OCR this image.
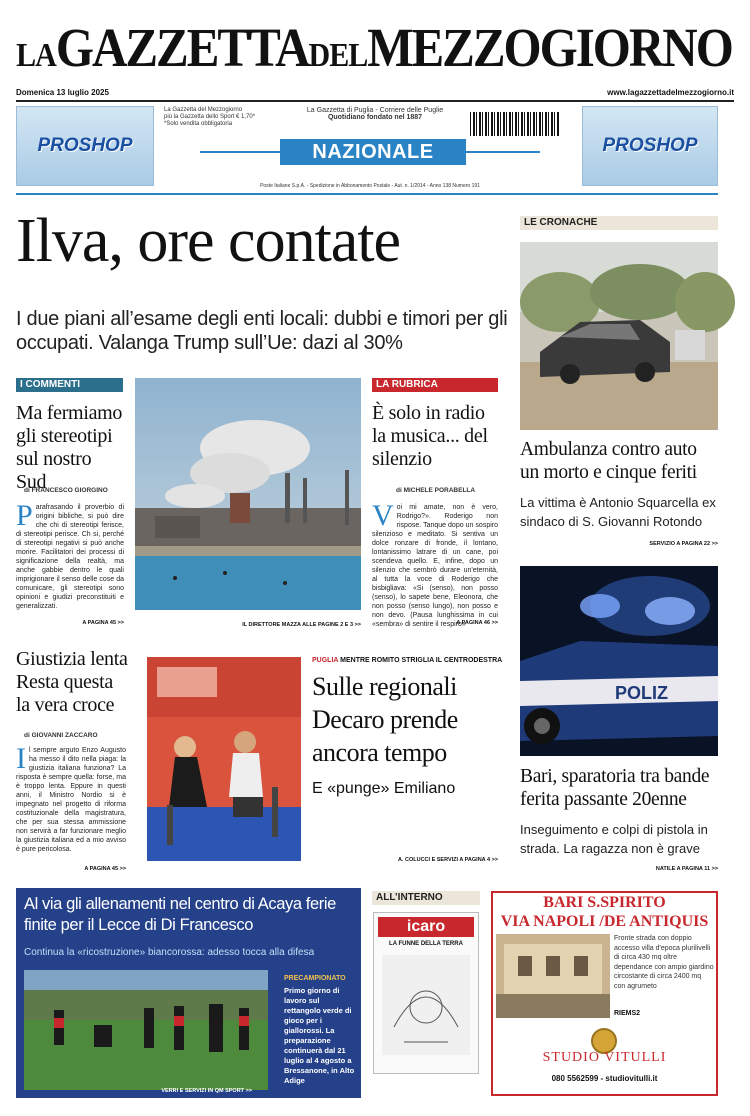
LAGAZZETTADELMEZZOGIORNO
Domenica 13 luglio 2025	www.lagazzettadelmezzogiorno.it
PROSHOP	PROSHOP
La Gazzetta del Mezzogiorno
più la Gazzetta dello Sport € 1,70*
*Solo vendita obbligatoria
La Gazzetta di Puglia - Corriere delle Puglie
Quotidiano fondato nel 1887
NAZIONALE
Poste Italiane S.p.A. - Spedizione in Abbonamento Postale - Aut. n. 1/2014 - Anno 138 Numero 191
Ilva, ore contate
I due piani all’esame degli enti locali: dubbi e timori per gli occupati. Valanga Trump sull’Ue: dazi al 30%
I COMMENTI
Ma fermiamo gli stereotipi sul nostro Sud
di FRANCESCO GIORGINO
Parafrasando il proverbio di origini bibliche, si può dire che chi di stereotipi ferisce, di stereotipi perisce. Ch si, perché di stereotipi negativi si può anche morire. Facilitatori dei processi di significazione della realtà, ma anche gabbie dentro le quali imprigionare il senso delle cose da comunicare, gli stereotipi sono opinioni e giudizi preconstituiti e generalizzati.
A PAGINA 45 >>	IL DIRETTORE MAZZA ALLE PAGINE 2 E 3 >>
LA RUBRICA
È solo in radio la musica... del silenzio
di MICHELE PORABELLA
Voi mi amate, non è vero, Rodrigo?». Roderigo non rispose. Tanque dopo un sospiro silenzioso e meditato. Si sentiva un dolce ronzare di fronde, il lontano, lontanissimo latrare di un cane, poi scendeva quello. E, infine, dopo un silenzio che sembrò durare un'eternità, al tutta la voce di Roderigo che bisbigliava: «Si (senso), non posso (senso), lo sapete bene, Eleonora, che non posso (senso lungo), non posso e non devo. (Pausa lunghissima in cui «sembra» di sentire il respiro»
A PAGINA 46 >>
LE CRONACHE
Ambulanza contro auto un morto e cinque feriti
La vittima è Antonio Squarcella ex sindaco di S. Giovanni Rotondo
SERVIZIO A PAGINA 22 >>
POLIZ
Bari, sparatoria tra bande ferita passante 20enne
Inseguimento e colpi di pistola in strada. La ragazza non è grave
NATILE A PAGINA 11 >>
Giustizia lenta Resta questa la vera croce
di GIOVANNI ZACCARO
Il sempre arguto Enzo Augusto ha messo il dito nella piaga: la giustizia italiana funziona? La risposta è sempre quella: forse, ma è troppo lenta. Eppure in questi anni, il Ministro Nordio si è impegnato nel progetto di riforma costituzionale della magistratura, che per sua stessa ammissione non servirà a far funzionare meglio la giustizia italiana ed a mio avviso è pure pericolosa.
A PAGINA 45 >>
PUGLIA MENTRE ROMITO STRIGLIA IL CENTRODESTRA
Sulle regionali Decaro prende ancora tempo
E «punge» Emiliano
A. COLUCCI E SERVIZI A PAGINA 4 >>
Al via gli allenamenti nel centro di Acaya ferie finite per il Lecce di Di Francesco
Continua la «ricostruzione» biancorossa: adesso tocca alla difesa
PRECAMPIONATO
Primo giorno di lavoro sul rettangolo verde di gioco per i giallorossi. La preparazione continuerà dal 21 luglio al 4 agosto a Bressanone, in Alto Adige
VERRI E SERVIZI IN QM SPORT >>
ALL’INTERNO
icaro
LA FUNNE DELLA TERRA
BARI S.SPIRITO
VIA NAPOLI /DE ANTIQUIS
Fronte strada con doppio accesso villa d'epoca plurilivelli di circa 430 mq oltre dependance con ampio giardino circostante di circa 2400 mq con agrumeto
RIEMS2
STUDIO VITULLI
080 5562599 - studiovitulli.it
